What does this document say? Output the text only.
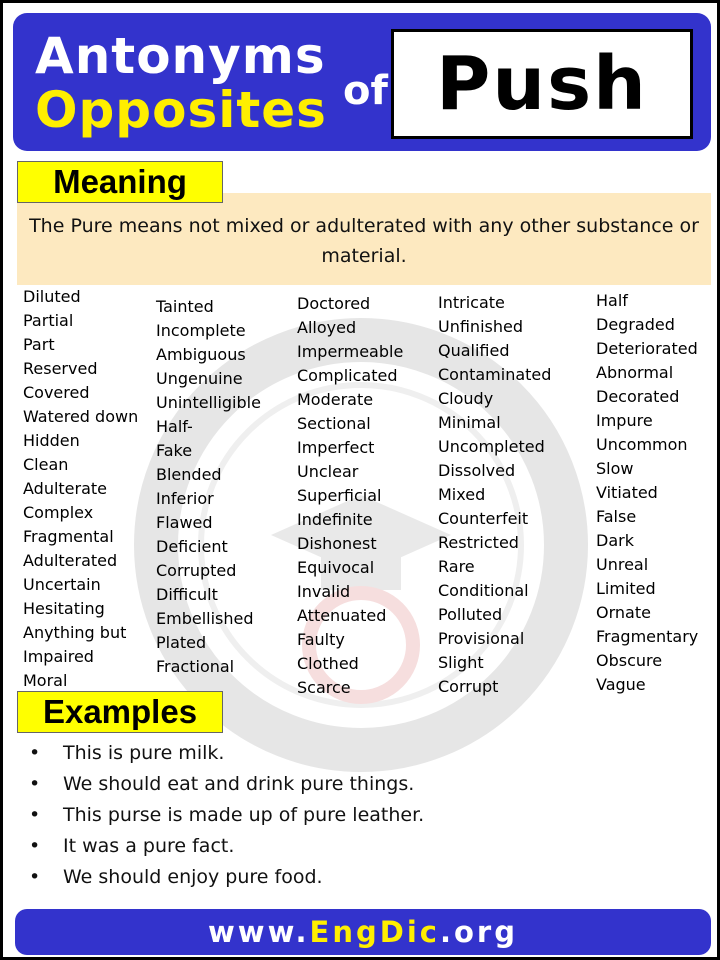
Antonyms
Opposites of Push
Meaning
The Pure means not mixed or adulterated with any other substance or material.
Diluted
Partial
Part
Reserved
Covered
Watered down
Hidden
Clean
Adulterate
Complex
Fragmental
Adulterated
Uncertain
Hesitating
Anything but
Impaired
Moral
Tainted
Incomplete
Ambiguous
Ungenuine
Unintelligible
Half-
Fake
Blended
Inferior
Flawed
Deficient
Corrupted
Difficult
Embellished
Plated
Fractional
Doctored
Alloyed
Impermeable
Complicated
Moderate
Sectional
Imperfect
Unclear
Superficial
Indefinite
Dishonest
Equivocal
Invalid
Attenuated
Faulty
Clothed
Scarce
Intricate
Unfinished
Qualified
Contaminated
Cloudy
Minimal
Uncompleted
Dissolved
Mixed
Counterfeit
Restricted
Rare
Conditional
Polluted
Provisional
Slight
Corrupt
Half
Degraded
Deteriorated
Abnormal
Decorated
Impure
Uncommon
Slow
Vitiated
False
Dark
Unreal
Limited
Ornate
Fragmentary
Obscure
Vague
Examples
• This is pure milk.
• We should eat and drink pure things.
• This purse is made up of pure leather.
• It was a pure fact.
• We should enjoy pure food.
www. EngDic .org
